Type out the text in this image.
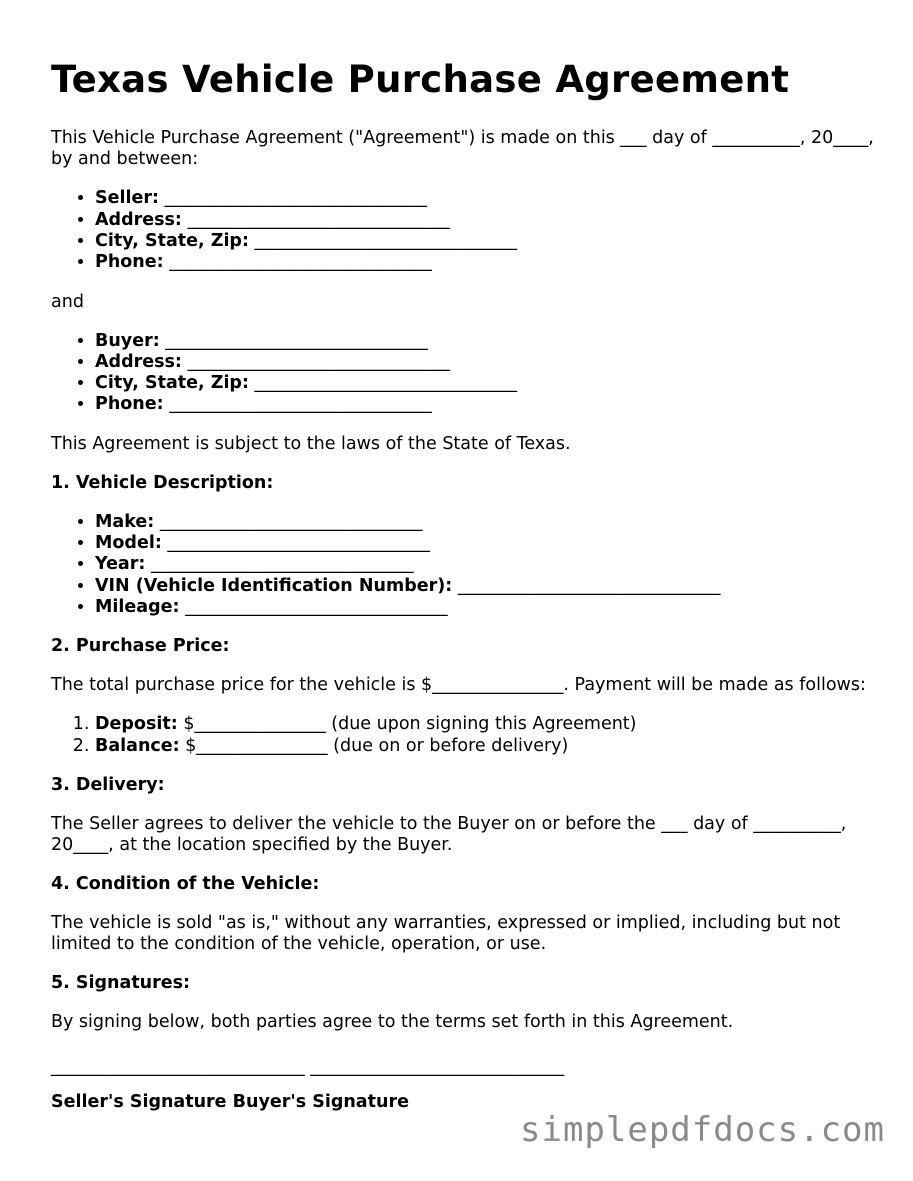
Texas Vehicle Purchase Agreement

This Vehicle Purchase Agreement ("Agreement") is made on this ___ day of __________, 20____, by and between:

• Seller: ______________________________
• Address: ______________________________
• City, State, Zip: ______________________________
• Phone: ______________________________

and

• Buyer: ______________________________
• Address: ______________________________
• City, State, Zip: ______________________________
• Phone: ______________________________

This Agreement is subject to the laws of the State of Texas.

1. Vehicle Description:

• Make: ______________________________
• Model: ______________________________
• Year: ______________________________
• VIN (Vehicle Identification Number): ______________________________
• Mileage: ______________________________

2. Purchase Price:

The total purchase price for the vehicle is $_______________. Payment will be made as follows:

1. Deposit: $_______________ (due upon signing this Agreement)
2. Balance: $_______________ (due on or before delivery)

3. Delivery:

The Seller agrees to deliver the vehicle to the Buyer on or before the ___ day of __________, 20____, at the location specified by the Buyer.

4. Condition of the Vehicle:

The vehicle is sold "as is," without any warranties, expressed or implied, including but not limited to the condition of the vehicle, operation, or use.

5. Signatures:

By signing below, both parties agree to the terms set forth in this Agreement.

_____________________________ _____________________________

Seller's Signature Buyer's Signature

simplepdfdocs.com
